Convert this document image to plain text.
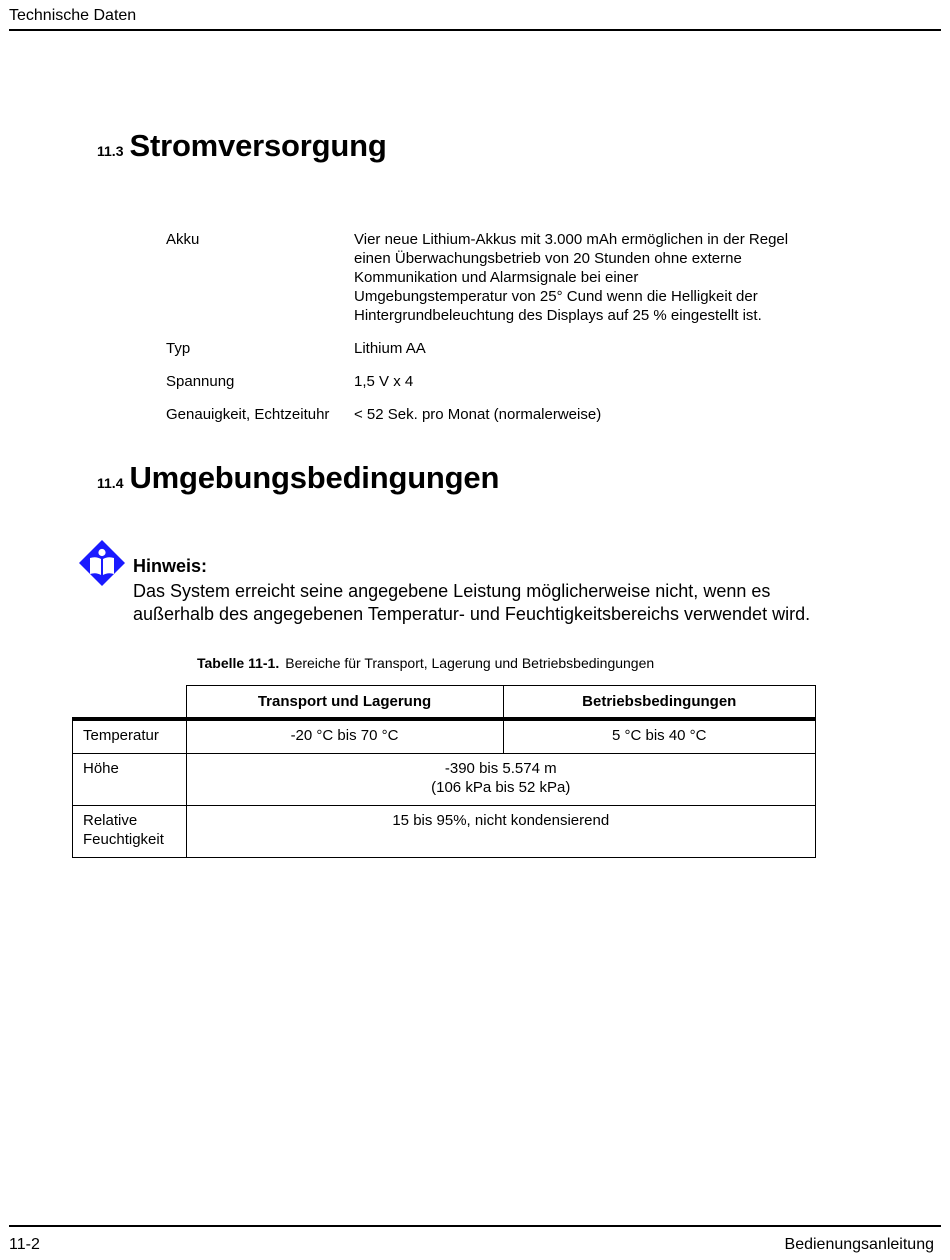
Technische Daten
11.3 Stromversorgung
Akku	Vier neue Lithium-Akkus mit 3.000 mAh ermöglichen in der Regel einen Überwachungsbetrieb von 20 Stunden ohne externe Kommunikation und Alarmsignale bei einer Umgebungstemperatur von 25° Cund wenn die Helligkeit der Hintergrundbeleuchtung des Displays auf 25 % eingestellt ist.
Typ	Lithium AA
Spannung	1,5 V x 4
Genauigkeit, Echtzeituhr < 52 Sek. pro Monat (normalerweise)
11.4 Umgebungsbedingungen
Hinweis:
Das System erreicht seine angegebene Leistung möglicherweise nicht, wenn es außerhalb des angegebenen Temperatur- und Feuchtigkeitsbereichs verwendet wird.
Tabelle 11-1. Bereiche für Transport, Lagerung und Betriebsbedingungen
	Transport und Lagerung	Betriebsbedingungen
Temperatur	-20 °C bis 70 °C	5 °C bis 40 °C
Höhe	-390 bis 5.574 m
(106 kPa bis 52 kPa)	

Relative
Feuchtigkeit	15 bis 95%, nicht kondensierend	
11-2	Bedienungsanleitung
